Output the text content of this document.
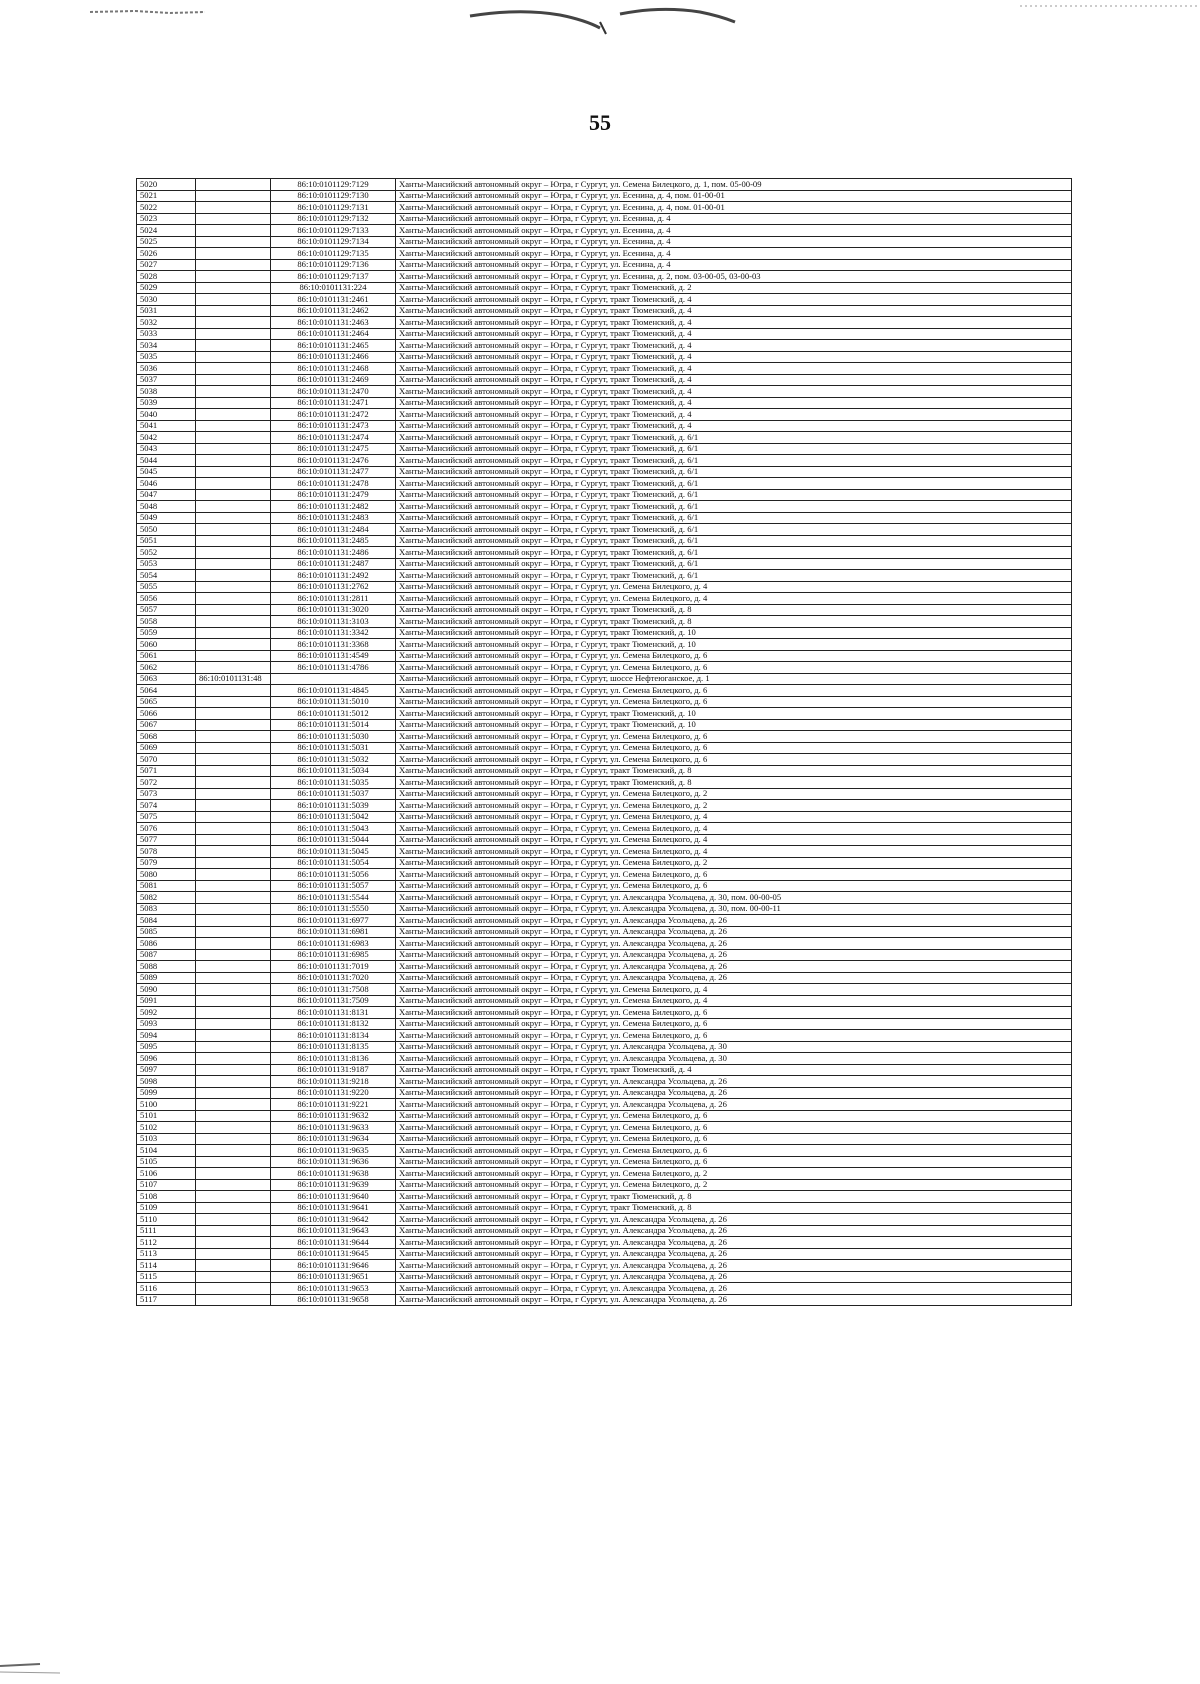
55
5020		86:10:0101129:7129	Ханты-Мансийский автономный округ – Югра, г Сургут, ул. Семена Билецкого, д. 1, пом. 05-00-09
5021		86:10:0101129:7130	Ханты-Мансийский автономный округ – Югра, г Сургут, ул. Есенина, д. 4, пом. 01-00-01
5022		86:10:0101129:7131	Ханты-Мансийский автономный округ – Югра, г Сургут, ул. Есенина, д. 4, пом. 01-00-01
5023		86:10:0101129:7132	Ханты-Мансийский автономный округ – Югра, г Сургут, ул. Есенина, д. 4
5024		86:10:0101129:7133	Ханты-Мансийский автономный округ – Югра, г Сургут, ул. Есенина, д. 4
5025		86:10:0101129:7134	Ханты-Мансийский автономный округ – Югра, г Сургут, ул. Есенина, д. 4
5026		86:10:0101129:7135	Ханты-Мансийский автономный округ – Югра, г Сургут, ул. Есенина, д. 4
5027		86:10:0101129:7136	Ханты-Мансийский автономный округ – Югра, г Сургут, ул. Есенина, д. 4
5028		86:10:0101129:7137	Ханты-Мансийский автономный округ – Югра, г Сургут, ул. Есенина, д. 2, пом. 03-00-05, 03-00-03
5029		86:10:0101131:224	Ханты-Мансийский автономный округ – Югра, г Сургут, тракт Тюменский, д. 2
5030		86:10:0101131:2461	Ханты-Мансийский автономный округ – Югра, г Сургут, тракт Тюменский, д. 4
5031		86:10:0101131:2462	Ханты-Мансийский автономный округ – Югра, г Сургут, тракт Тюменский, д. 4
5032		86:10:0101131:2463	Ханты-Мансийский автономный округ – Югра, г Сургут, тракт Тюменский, д. 4
5033		86:10:0101131:2464	Ханты-Мансийский автономный округ – Югра, г Сургут, тракт Тюменский, д. 4
5034		86:10:0101131:2465	Ханты-Мансийский автономный округ – Югра, г Сургут, тракт Тюменский, д. 4
5035		86:10:0101131:2466	Ханты-Мансийский автономный округ – Югра, г Сургут, тракт Тюменский, д. 4
5036		86:10:0101131:2468	Ханты-Мансийский автономный округ – Югра, г Сургут, тракт Тюменский, д. 4
5037		86:10:0101131:2469	Ханты-Мансийский автономный округ – Югра, г Сургут, тракт Тюменский, д. 4
5038		86:10:0101131:2470	Ханты-Мансийский автономный округ – Югра, г Сургут, тракт Тюменский, д. 4
5039		86:10:0101131:2471	Ханты-Мансийский автономный округ – Югра, г Сургут, тракт Тюменский, д. 4
5040		86:10:0101131:2472	Ханты-Мансийский автономный округ – Югра, г Сургут, тракт Тюменский, д. 4
5041		86:10:0101131:2473	Ханты-Мансийский автономный округ – Югра, г Сургут, тракт Тюменский, д. 4
5042		86:10:0101131:2474	Ханты-Мансийский автономный округ – Югра, г Сургут, тракт Тюменский, д. 6/1
5043		86:10:0101131:2475	Ханты-Мансийский автономный округ – Югра, г Сургут, тракт Тюменский, д. 6/1
5044		86:10:0101131:2476	Ханты-Мансийский автономный округ – Югра, г Сургут, тракт Тюменский, д. 6/1
5045		86:10:0101131:2477	Ханты-Мансийский автономный округ – Югра, г Сургут, тракт Тюменский, д. 6/1
5046		86:10:0101131:2478	Ханты-Мансийский автономный округ – Югра, г Сургут, тракт Тюменский, д. 6/1
5047		86:10:0101131:2479	Ханты-Мансийский автономный округ – Югра, г Сургут, тракт Тюменский, д. 6/1
5048		86:10:0101131:2482	Ханты-Мансийский автономный округ – Югра, г Сургут, тракт Тюменский, д. 6/1
5049		86:10:0101131:2483	Ханты-Мансийский автономный округ – Югра, г Сургут, тракт Тюменский, д. 6/1
5050		86:10:0101131:2484	Ханты-Мансийский автономный округ – Югра, г Сургут, тракт Тюменский, д. 6/1
5051		86:10:0101131:2485	Ханты-Мансийский автономный округ – Югра, г Сургут, тракт Тюменский, д. 6/1
5052		86:10:0101131:2486	Ханты-Мансийский автономный округ – Югра, г Сургут, тракт Тюменский, д. 6/1
5053		86:10:0101131:2487	Ханты-Мансийский автономный округ – Югра, г Сургут, тракт Тюменский, д. 6/1
5054		86:10:0101131:2492	Ханты-Мансийский автономный округ – Югра, г Сургут, тракт Тюменский, д. 6/1
5055		86:10:0101131:2762	Ханты-Мансийский автономный округ – Югра, г Сургут, ул. Семена Билецкого, д. 4
5056		86:10:0101131:2811	Ханты-Мансийский автономный округ – Югра, г Сургут, ул. Семена Билецкого, д. 4
5057		86:10:0101131:3020	Ханты-Мансийский автономный округ – Югра, г Сургут, тракт Тюменский, д. 8
5058		86:10:0101131:3103	Ханты-Мансийский автономный округ – Югра, г Сургут, тракт Тюменский, д. 8
5059		86:10:0101131:3342	Ханты-Мансийский автономный округ – Югра, г Сургут, тракт Тюменский, д. 10
5060		86:10:0101131:3368	Ханты-Мансийский автономный округ – Югра, г Сургут, тракт Тюменский, д. 10
5061		86:10:0101131:4549	Ханты-Мансийский автономный округ – Югра, г Сургут, ул. Семена Билецкого, д. 6
5062		86:10:0101131:4786	Ханты-Мансийский автономный округ – Югра, г Сургут, ул. Семена Билецкого, д. 6
5063	86:10:0101131:48		Ханты-Мансийский автономный округ – Югра, г Сургут, шоссе Нефтеюганское, д. 1
5064		86:10:0101131:4845	Ханты-Мансийский автономный округ – Югра, г Сургут, ул. Семена Билецкого, д. 6
5065		86:10:0101131:5010	Ханты-Мансийский автономный округ – Югра, г Сургут, ул. Семена Билецкого, д. 6
5066		86:10:0101131:5012	Ханты-Мансийский автономный округ – Югра, г Сургут, тракт Тюменский, д. 10
5067		86:10:0101131:5014	Ханты-Мансийский автономный округ – Югра, г Сургут, тракт Тюменский, д. 10
5068		86:10:0101131:5030	Ханты-Мансийский автономный округ – Югра, г Сургут, ул. Семена Билецкого, д. 6
5069		86:10:0101131:5031	Ханты-Мансийский автономный округ – Югра, г Сургут, ул. Семена Билецкого, д. 6
5070		86:10:0101131:5032	Ханты-Мансийский автономный округ – Югра, г Сургут, ул. Семена Билецкого, д. 6
5071		86:10:0101131:5034	Ханты-Мансийский автономный округ – Югра, г Сургут, тракт Тюменский, д. 8
5072		86:10:0101131:5035	Ханты-Мансийский автономный округ – Югра, г Сургут, тракт Тюменский, д. 8
5073		86:10:0101131:5037	Ханты-Мансийский автономный округ – Югра, г Сургут, ул. Семена Билецкого, д. 2
5074		86:10:0101131:5039	Ханты-Мансийский автономный округ – Югра, г Сургут, ул. Семена Билецкого, д. 2
5075		86:10:0101131:5042	Ханты-Мансийский автономный округ – Югра, г Сургут, ул. Семена Билецкого, д. 4
5076		86:10:0101131:5043	Ханты-Мансийский автономный округ – Югра, г Сургут, ул. Семена Билецкого, д. 4
5077		86:10:0101131:5044	Ханты-Мансийский автономный округ – Югра, г Сургут, ул. Семена Билецкого, д. 4
5078		86:10:0101131:5045	Ханты-Мансийский автономный округ – Югра, г Сургут, ул. Семена Билецкого, д. 4
5079		86:10:0101131:5054	Ханты-Мансийский автономный округ – Югра, г Сургут, ул. Семена Билецкого, д. 2
5080		86:10:0101131:5056	Ханты-Мансийский автономный округ – Югра, г Сургут, ул. Семена Билецкого, д. 6
5081		86:10:0101131:5057	Ханты-Мансийский автономный округ – Югра, г Сургут, ул. Семена Билецкого, д. 6
5082		86:10:0101131:5544	Ханты-Мансийский автономный округ – Югра, г Сургут, ул. Александра Усольцева, д. 30, пом. 00-00-05
5083		86:10:0101131:5550	Ханты-Мансийский автономный округ – Югра, г Сургут, ул. Александра Усольцева, д. 30, пом. 00-00-11
5084		86:10:0101131:6977	Ханты-Мансийский автономный округ – Югра, г Сургут, ул. Александра Усольцева, д. 26
5085		86:10:0101131:6981	Ханты-Мансийский автономный округ – Югра, г Сургут, ул. Александра Усольцева, д. 26
5086		86:10:0101131:6983	Ханты-Мансийский автономный округ – Югра, г Сургут, ул. Александра Усольцева, д. 26
5087		86:10:0101131:6985	Ханты-Мансийский автономный округ – Югра, г Сургут, ул. Александра Усольцева, д. 26
5088		86:10:0101131:7019	Ханты-Мансийский автономный округ – Югра, г Сургут, ул. Александра Усольцева, д. 26
5089		86:10:0101131:7020	Ханты-Мансийский автономный округ – Югра, г Сургут, ул. Александра Усольцева, д. 26
5090		86:10:0101131:7508	Ханты-Мансийский автономный округ – Югра, г Сургут, ул. Семена Билецкого, д. 4
5091		86:10:0101131:7509	Ханты-Мансийский автономный округ – Югра, г Сургут, ул. Семена Билецкого, д. 4
5092		86:10:0101131:8131	Ханты-Мансийский автономный округ – Югра, г Сургут, ул. Семена Билецкого, д. 6
5093		86:10:0101131:8132	Ханты-Мансийский автономный округ – Югра, г Сургут, ул. Семена Билецкого, д. 6
5094		86:10:0101131:8134	Ханты-Мансийский автономный округ – Югра, г Сургут, ул. Семена Билецкого, д. 6
5095		86:10:0101131:8135	Ханты-Мансийский автономный округ – Югра, г Сургут, ул. Александра Усольцева, д. 30
5096		86:10:0101131:8136	Ханты-Мансийский автономный округ – Югра, г Сургут, ул. Александра Усольцева, д. 30
5097		86:10:0101131:9187	Ханты-Мансийский автономный округ – Югра, г Сургут, тракт Тюменский, д. 4
5098		86:10:0101131:9218	Ханты-Мансийский автономный округ – Югра, г Сургут, ул. Александра Усольцева, д. 26
5099		86:10:0101131:9220	Ханты-Мансийский автономный округ – Югра, г Сургут, ул. Александра Усольцева, д. 26
5100		86:10:0101131:9221	Ханты-Мансийский автономный округ – Югра, г Сургут, ул. Александра Усольцева, д. 26
5101		86:10:0101131:9632	Ханты-Мансийский автономный округ – Югра, г Сургут, ул. Семена Билецкого, д. 6
5102		86:10:0101131:9633	Ханты-Мансийский автономный округ – Югра, г Сургут, ул. Семена Билецкого, д. 6
5103		86:10:0101131:9634	Ханты-Мансийский автономный округ – Югра, г Сургут, ул. Семена Билецкого, д. 6
5104		86:10:0101131:9635	Ханты-Мансийский автономный округ – Югра, г Сургут, ул. Семена Билецкого, д. 6
5105		86:10:0101131:9636	Ханты-Мансийский автономный округ – Югра, г Сургут, ул. Семена Билецкого, д. 6
5106		86:10:0101131:9638	Ханты-Мансийский автономный округ – Югра, г Сургут, ул. Семена Билецкого, д. 2
5107		86:10:0101131:9639	Ханты-Мансийский автономный округ – Югра, г Сургут, ул. Семена Билецкого, д. 2
5108		86:10:0101131:9640	Ханты-Мансийский автономный округ – Югра, г Сургут, тракт Тюменский, д. 8
5109		86:10:0101131:9641	Ханты-Мансийский автономный округ – Югра, г Сургут, тракт Тюменский, д. 8
5110		86:10:0101131:9642	Ханты-Мансийский автономный округ – Югра, г Сургут, ул. Александра Усольцева, д. 26
5111		86:10:0101131:9643	Ханты-Мансийский автономный округ – Югра, г Сургут, ул. Александра Усольцева, д. 26
5112		86:10:0101131:9644	Ханты-Мансийский автономный округ – Югра, г Сургут, ул. Александра Усольцева, д. 26
5113		86:10:0101131:9645	Ханты-Мансийский автономный округ – Югра, г Сургут, ул. Александра Усольцева, д. 26
5114		86:10:0101131:9646	Ханты-Мансийский автономный округ – Югра, г Сургут, ул. Александра Усольцева, д. 26
5115		86:10:0101131:9651	Ханты-Мансийский автономный округ – Югра, г Сургут, ул. Александра Усольцева, д. 26
5116		86:10:0101131:9653	Ханты-Мансийский автономный округ – Югра, г Сургут, ул. Александра Усольцева, д. 26
5117		86:10:0101131:9658	Ханты-Мансийский автономный округ – Югра, г Сургут, ул. Александра Усольцева, д. 26
